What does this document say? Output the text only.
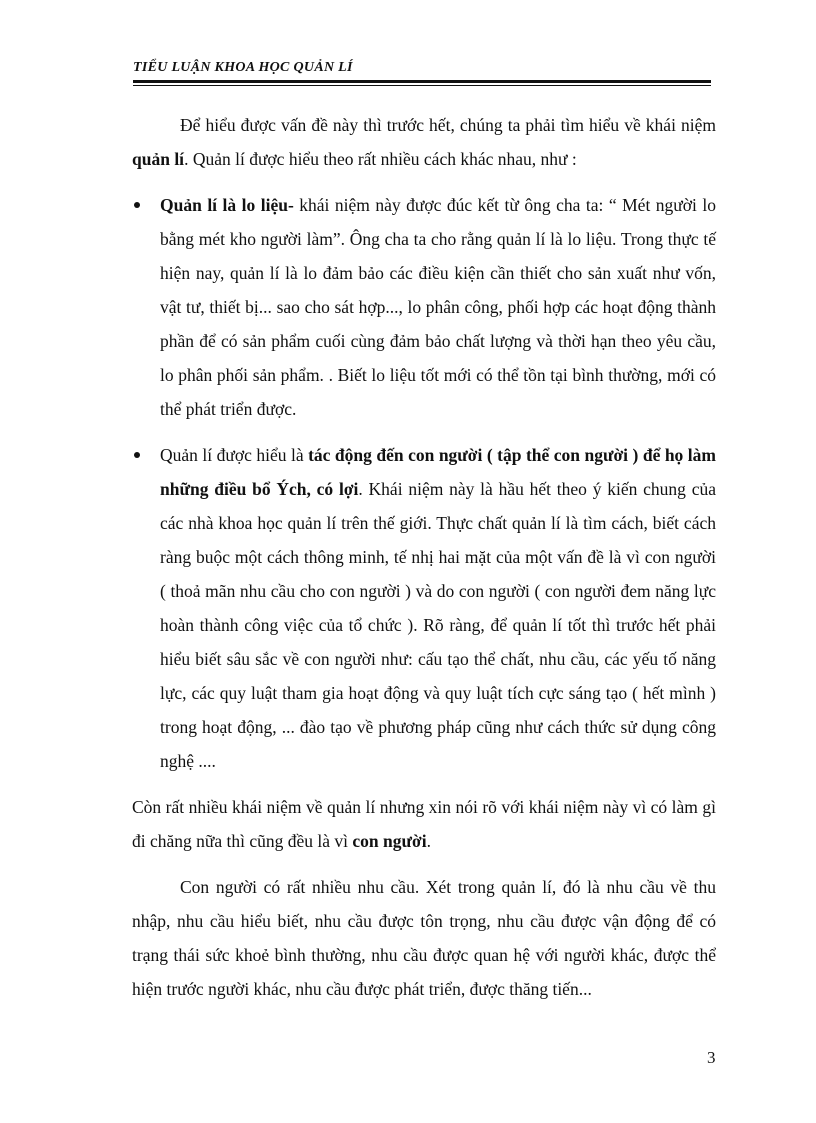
TIỂU LUẬN KHOA HỌC QUẢN LÍ

Để hiểu được vấn đề này thì trước hết, chúng ta phải tìm hiểu về khái niệm quản lí. Quản lí được hiểu theo rất nhiều cách khác nhau, như :

Quản lí là lo liệu- khái niệm này được đúc kết từ ông cha ta: “ Mét người lo bằng mét kho người làm”. Ông cha ta cho rằng quản lí là lo liệu. Trong thực tế hiện nay, quản lí là lo đảm bảo các điều kiện cần thiết cho sản xuất như vốn, vật tư, thiết bị... sao cho sát hợp..., lo phân công, phối hợp các hoạt động thành phần để có sản phẩm cuối cùng đảm bảo chất lượng và thời hạn theo yêu cầu, lo phân phối sản phẩm. . Biết lo liệu tốt mới có thể tồn tại bình thường, mới có thể phát triển được.

Quản lí được hiểu là tác động đến con người ( tập thể con người ) để họ làm những điều bổ Ých, có lợi. Khái niệm này là hầu hết theo ý kiến chung của các nhà khoa học quản lí trên thế giới. Thực chất quản lí là tìm cách, biết cách ràng buộc một cách thông minh, tế nhị hai mặt của một vấn đề là vì con người ( thoả mãn nhu cầu cho con người ) và do con người ( con người đem năng lực hoàn thành công việc của tổ chức ). Rõ ràng, để quản lí tốt thì trước hết phải hiểu biết sâu sắc về con người như: cấu tạo thể chất, nhu cầu, các yếu tố năng lực, các quy luật tham gia hoạt động và quy luật tích cực sáng tạo ( hết mình ) trong hoạt động, ... đào tạo về phương pháp cũng như cách thức sử dụng công nghệ ....

Còn rất nhiều khái niệm về quản lí nhưng xin nói rõ với khái niệm này vì có làm gì đi chăng nữa thì cũng đều là vì con người.

Con người có rất nhiều nhu cầu. Xét trong quản lí, đó là nhu cầu về thu nhập, nhu cầu hiểu biết, nhu cầu được tôn trọng, nhu cầu được vận động để có trạng thái sức khoẻ bình thường, nhu cầu được quan hệ với người khác, được thể hiện trước người khác, nhu cầu được phát triển, được thăng tiến...

3
